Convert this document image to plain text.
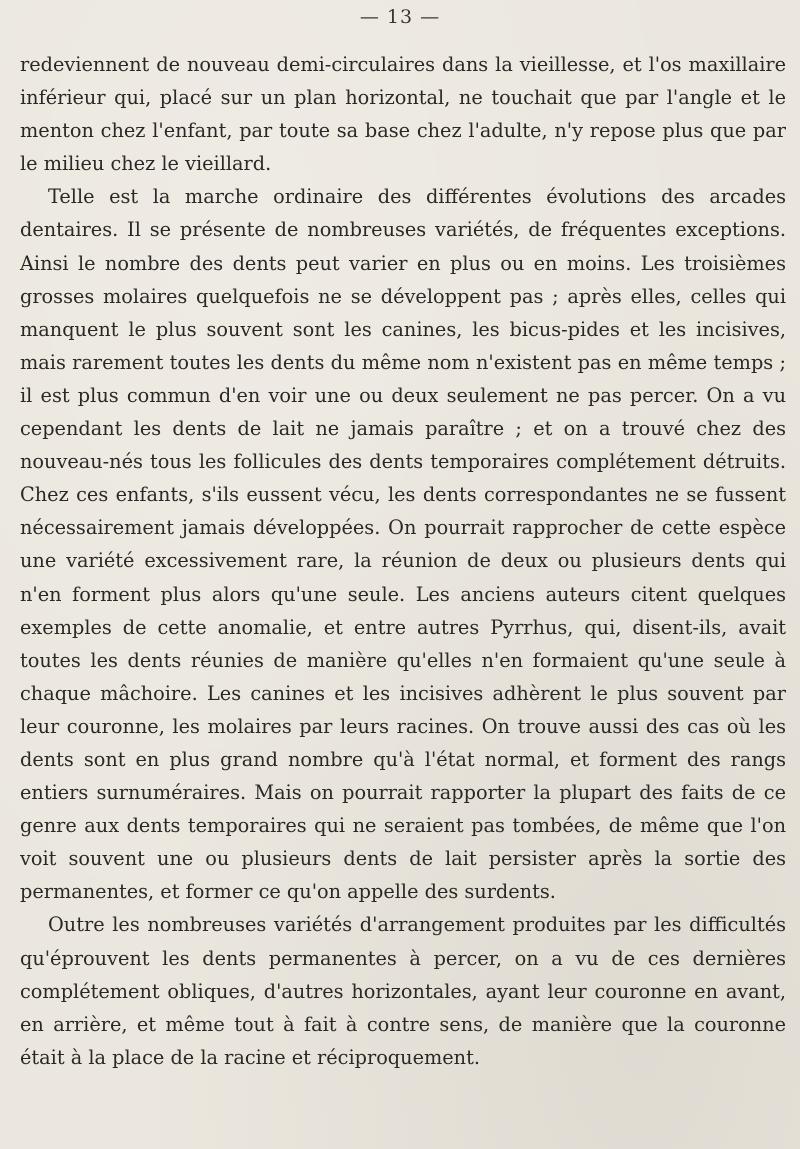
— 13 —

redeviennent de nouveau demi-circulaires dans la vieillesse, et l'os maxillaire inférieur qui, placé sur un plan horizontal, ne touchait que par l'angle et le menton chez l'enfant, par toute sa base chez l'adulte, n'y repose plus que par le milieu chez le vieillard.

Telle est la marche ordinaire des différentes évolutions des arcades dentaires. Il se présente de nombreuses variétés, de fréquentes exceptions. Ainsi le nombre des dents peut varier en plus ou en moins. Les troisièmes grosses molaires quelquefois ne se développent pas ; après elles, celles qui manquent le plus souvent sont les canines, les bicus-pides et les incisives, mais rarement toutes les dents du même nom n'existent pas en même temps ; il est plus commun d'en voir une ou deux seulement ne pas percer. On a vu cependant les dents de lait ne jamais paraître ; et on a trouvé chez des nouveau-nés tous les follicules des dents temporaires complétement détruits. Chez ces enfants, s'ils eussent vécu, les dents correspondantes ne se fussent nécessairement jamais développées. On pourrait rapprocher de cette espèce une variété excessivement rare, la réunion de deux ou plusieurs dents qui n'en forment plus alors qu'une seule. Les anciens auteurs citent quelques exemples de cette anomalie, et entre autres Pyrrhus, qui, disent-ils, avait toutes les dents réunies de manière qu'elles n'en formaient qu'une seule à chaque mâchoire. Les canines et les incisives adhèrent le plus souvent par leur couronne, les molaires par leurs racines. On trouve aussi des cas où les dents sont en plus grand nombre qu'à l'état normal, et forment des rangs entiers surnuméraires. Mais on pourrait rapporter la plupart des faits de ce genre aux dents temporaires qui ne seraient pas tombées, de même que l'on voit souvent une ou plusieurs dents de lait persister après la sortie des permanentes, et former ce qu'on appelle des surdents.

Outre les nombreuses variétés d'arrangement produites par les difficultés qu'éprouvent les dents permanentes à percer, on a vu de ces dernières complétement obliques, d'autres horizontales, ayant leur couronne en avant, en arrière, et même tout à fait à contre sens, de manière que la couronne était à la place de la racine et réciproquement.
